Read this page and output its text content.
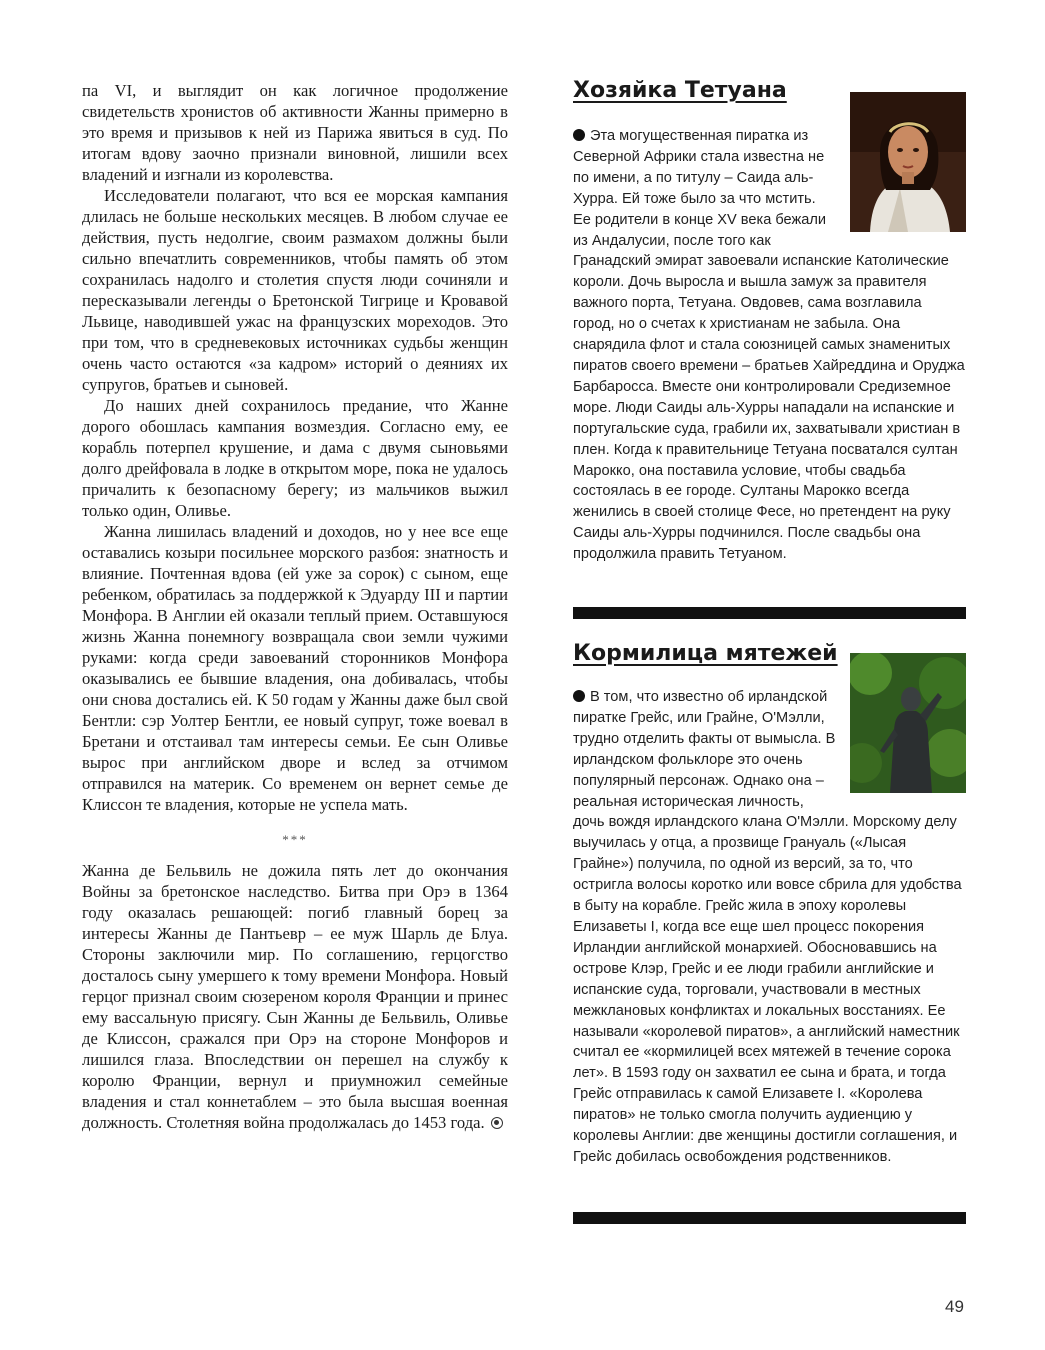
па VI, и выглядит он как логичное продолжение свидетельств хронистов об активности Жанны примерно в это время и призывов к ней из Парижа явиться в суд. По итогам вдову заочно признали виновной, лишили всех владений и изгнали из королевства.

Исследователи полагают, что вся ее морская кампания длилась не больше нескольких месяцев. В любом случае ее действия, пусть недолгие, своим размахом должны были сильно впечатлить современников, чтобы память об этом сохранилась надолго и столетия спустя люди сочиняли и пересказывали легенды о Бретонской Тигрице и Кровавой Львице, наводившей ужас на французских мореходов. Это при том, что в средневековых источниках судьбы женщин очень часто остаются «за кадром» историй о деяниях их супругов, братьев и сыновей.

До наших дней сохранилось предание, что Жанне дорого обошлась кампания возмездия. Согласно ему, ее корабль потерпел крушение, и дама с двумя сыновьями долго дрейфовала в лодке в открытом море, пока не удалось причалить к безопасному берегу; из мальчиков выжил только один, Оливье.

Жанна лишилась владений и доходов, но у нее все еще оставались козыри посильнее морского разбоя: знатность и влияние. Почтенная вдова (ей уже за сорок) с сыном, еще ребенком, обратилась за поддержкой к Эдуарду III и партии Монфора. В Англии ей оказали теплый прием. Оставшуюся жизнь Жанна понемногу возвращала свои земли чужими руками: когда среди завоеваний сторонников Монфора оказывались ее бывшие владения, она добивалась, чтобы они снова достались ей. К 50 годам у Жанны даже был свой Бентли: сэр Уолтер Бентли, ее новый супруг, тоже воевал в Бретани и отстаивал там интересы семьи. Ее сын Оливье вырос при английском дворе и вслед за отчимом отправился на материк. Со временем он вернет семье де Клиссон те владения, которые не успела мать.

***

Жанна де Бельвиль не дожила пять лет до окончания Войны за бретонское наследство. Битва при Орэ в 1364 году оказалась решающей: погиб главный борец за интересы Жанны де Пантьевр – ее муж Шарль де Блуа. Стороны заключили мир. По соглашению, герцогство досталось сыну умершего к тому времени Монфора. Новый герцог признал своим сюзереном короля Франции и принес ему вассальную присягу. Сын Жанны де Бельвиль, Оливье де Клиссон, сражался при Орэ на стороне Монфоров и лишился глаза. Впоследствии он перешел на службу к королю Франции, вернул и приумножил семейные владения и стал коннетаблем – это была высшая военная должность. Столетняя война продолжалась до 1453 года.

Хозяйка Тетуана

Эта могущественная пиратка из Северной Африки стала известна не по имени, а по титулу – Саида аль-Хурра. Ей тоже было за что мстить. Ее родители в конце XV века бежали из Андалусии, после того как Гранадский эмират завоевали испанские Католические короли. Дочь выросла и вышла замуж за правителя важного порта, Тетуана. Овдовев, сама возглавила город, но о счетах к христианам не забыла. Она снарядила флот и стала союзницей самых знаменитых пиратов своего времени – братьев Хайреддина и Оруджа Барбаросса. Вместе они контролировали Средиземное море. Люди Саиды аль-Хурры нападали на испанские и португальские суда, грабили их, захватывали христиан в плен. Когда к правительнице Тетуана посватался султан Марокко, она поставила условие, чтобы свадьба состоялась в ее городе. Султаны Марокко всегда женились в своей столице Фесе, но претендент на руку Саиды аль-Хурры подчинился. После свадьбы она продолжила править Тетуаном.

Кормилица мятежей

В том, что известно об ирландской пиратке Грейс, или Грайне, О'Мэлли, трудно отделить факты от вымысла. В ирландском фольклоре это очень популярный персонаж. Однако она – реальная историческая личность, дочь вождя ирландского клана О'Мэлли. Морскому делу выучилась у отца, а прозвище Грануаль («Лысая Грайне») получила, по одной из версий, за то, что остригла волосы коротко или вовсе сбрила для удобства в быту на корабле. Грейс жила в эпоху королевы Елизаветы I, когда все еще шел процесс покорения Ирландии английской монархией. Обосновавшись на острове Клэр, Грейс и ее люди грабили английские и испанские суда, торговали, участвовали в местных межклановых конфликтах и локальных восстаниях. Ее называли «королевой пиратов», а английский наместник считал ее «кормилицей всех мятежей в течение сорока лет». В 1593 году он захватил ее сына и брата, и тогда Грейс отправилась к самой Елизавете I. «Королева пиратов» не только смогла получить аудиенцию у королевы Англии: две женщины достигли соглашения, и Грейс добилась освобождения родственников.

49
